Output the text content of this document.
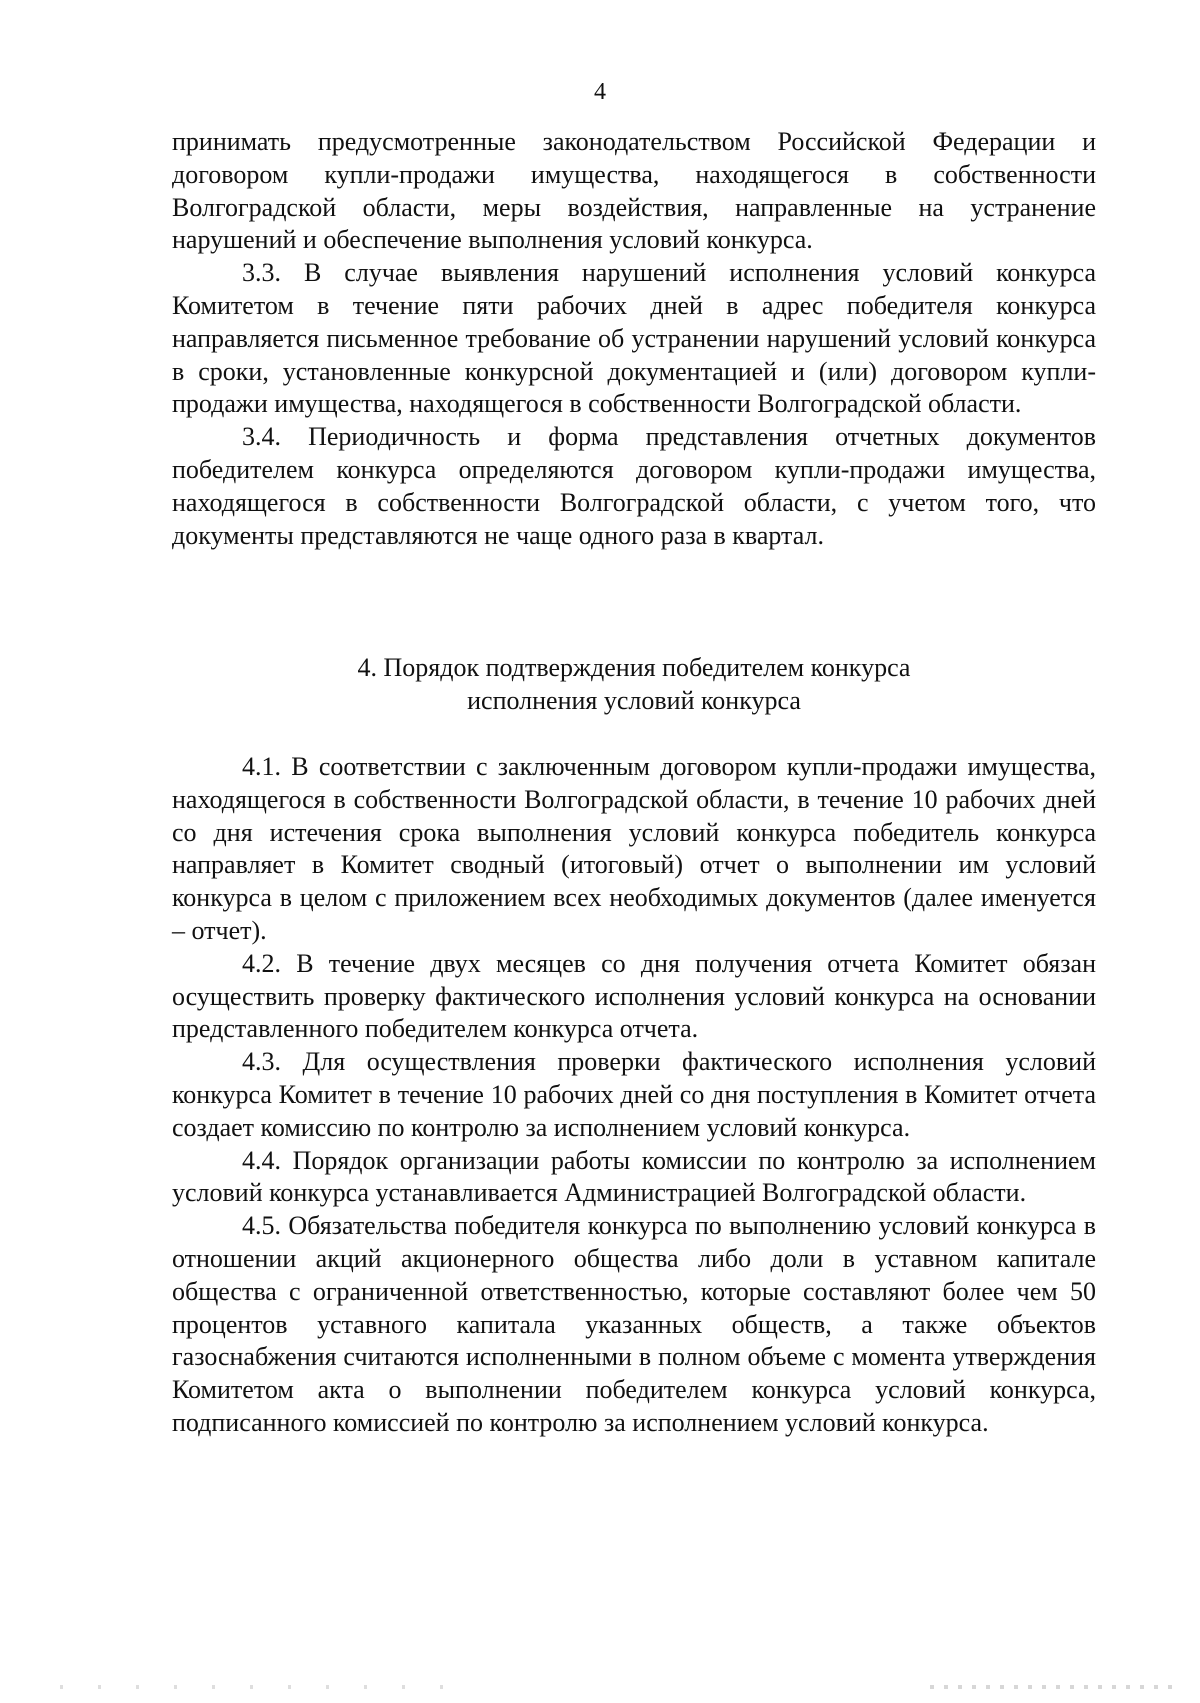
4

принимать предусмотренные законодательством Российской Федерации и договором купли-продажи имущества, находящегося в собственности Волгоградской области, меры воздействия, направленные на устранение нарушений и обеспечение выполнения условий конкурса.

3.3. В случае выявления нарушений исполнения условий конкурса Комитетом в течение пяти рабочих дней в адрес победителя конкурса направляется письменное требование об устранении нарушений условий конкурса в сроки, установленные конкурсной документацией и (или) договором купли-продажи имущества, находящегося в собственности Волгоградской области.

3.4. Периодичность и форма представления отчетных документов победителем конкурса определяются договором купли-продажи имущества, находящегося в собственности Волгоградской области, с учетом того, что документы представляются не чаще одного раза в квартал.

4. Порядок подтверждения победителем конкурса
исполнения условий конкурса

4.1. В соответствии с заключенным договором купли-продажи имущества, находящегося в собственности Волгоградской области, в течение 10 рабочих дней со дня истечения срока выполнения условий конкурса победитель конкурса направляет в Комитет сводный (итоговый) отчет о выполнении им условий конкурса в целом с приложением всех необходимых документов (далее именуется – отчет).

4.2. В течение двух месяцев со дня получения отчета Комитет обязан осуществить проверку фактического исполнения условий конкурса на основании представленного победителем конкурса отчета.

4.3. Для осуществления проверки фактического исполнения условий конкурса Комитет в течение 10 рабочих дней со дня поступления в Комитет отчета создает комиссию по контролю за исполнением условий конкурса.

4.4. Порядок организации работы комиссии по контролю за исполнением условий конкурса устанавливается Администрацией Волгоградской области.

4.5. Обязательства победителя конкурса по выполнению условий конкурса в отношении акций акционерного общества либо доли в уставном капитале общества с ограниченной ответственностью, которые составляют более чем 50 процентов уставного капитала указанных обществ, а также объектов газоснабжения считаются исполненными в полном объеме с момента утверждения Комитетом акта о выполнении победителем конкурса условий конкурса, подписанного комиссией по контролю за исполнением условий конкурса.
